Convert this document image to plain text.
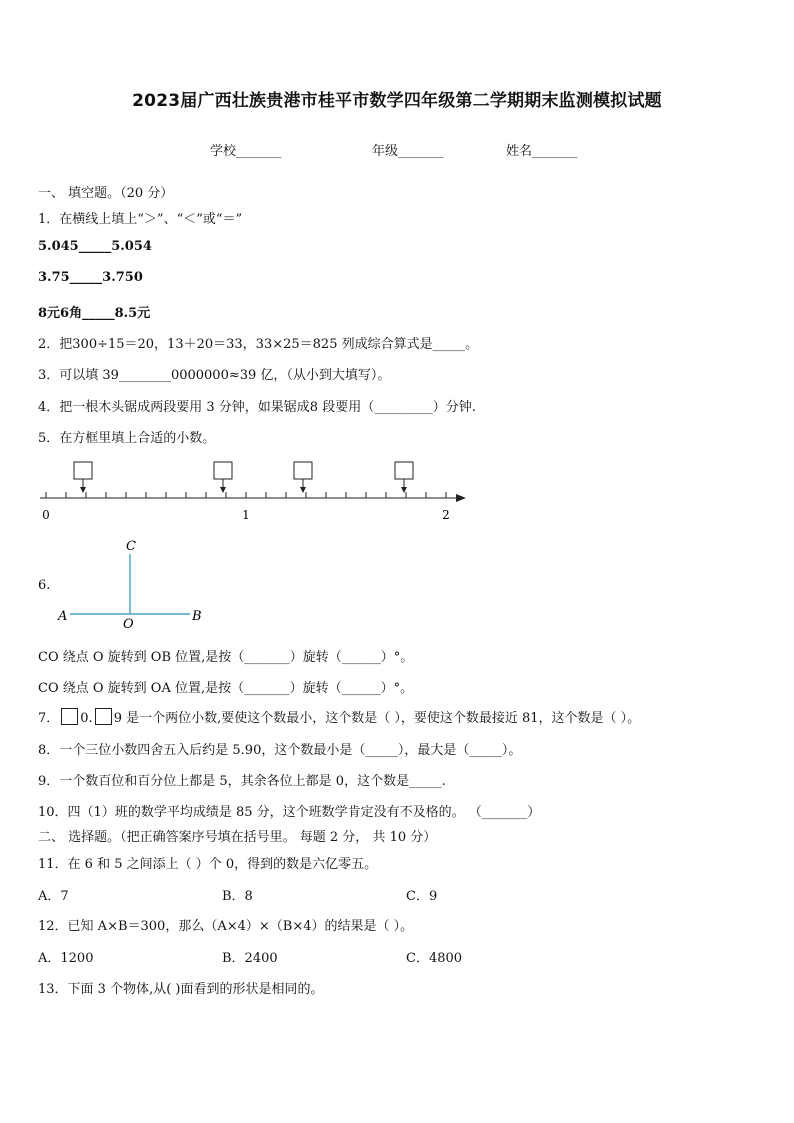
2023届广西壮族贵港市桂平市数学四年级第二学期期末监测模拟试题
学校_______	年级_______	姓名_______
一、 填空题。（20 分）
1．在横线上填上“＞”、“＜”或“＝”
5.045_____5.054
3.75_____3.750
8元6角_____8.5元
2．把300÷15＝20，13＋20＝33，33×25＝825 列成综合算式是_____。
3．可以填 39________0000000≈39 亿，（从小到大填写）。
4．把一根木头锯成两段要用 3 分钟，如果锯成8 段要用（_________）分钟.
5．在方框里填上合适的小数。
0	1	2
6.
C
A
O
B
CO 绕点 O 旋转到 OB 位置,是按（_______）旋转（______）°。
CO 绕点 O 旋转到 OA 位置,是按（_______）旋转（______）°。
7． 0. 9 是一个两位小数,要使这个数最小，这个数是（ ），要使这个数最接近 81，这个数是（ ）。
8．一个三位小数四舍五入后约是 5.90，这个数最小是（_____），最大是（_____）。
9．一个数百位和百分位上都是 5，其余各位上都是 0，这个数是_____.
10．四（1）班的数学平均成绩是 85 分，这个班数学肯定没有不及格的。 （_______）
二、 选择题。（把正确答案序号填在括号里。 每题 2 分， 共 10 分）
11．在 6 和 5 之间添上（ ）个 0，得到的数是六亿零五。
A．7	B．8	C．9
12．已知 A×B＝300，那么（A×4）×（B×4）的结果是（ ）。
A．1200	B．2400	C．4800
13．下面 3 个物体,从( )面看到的形状是相同的。
